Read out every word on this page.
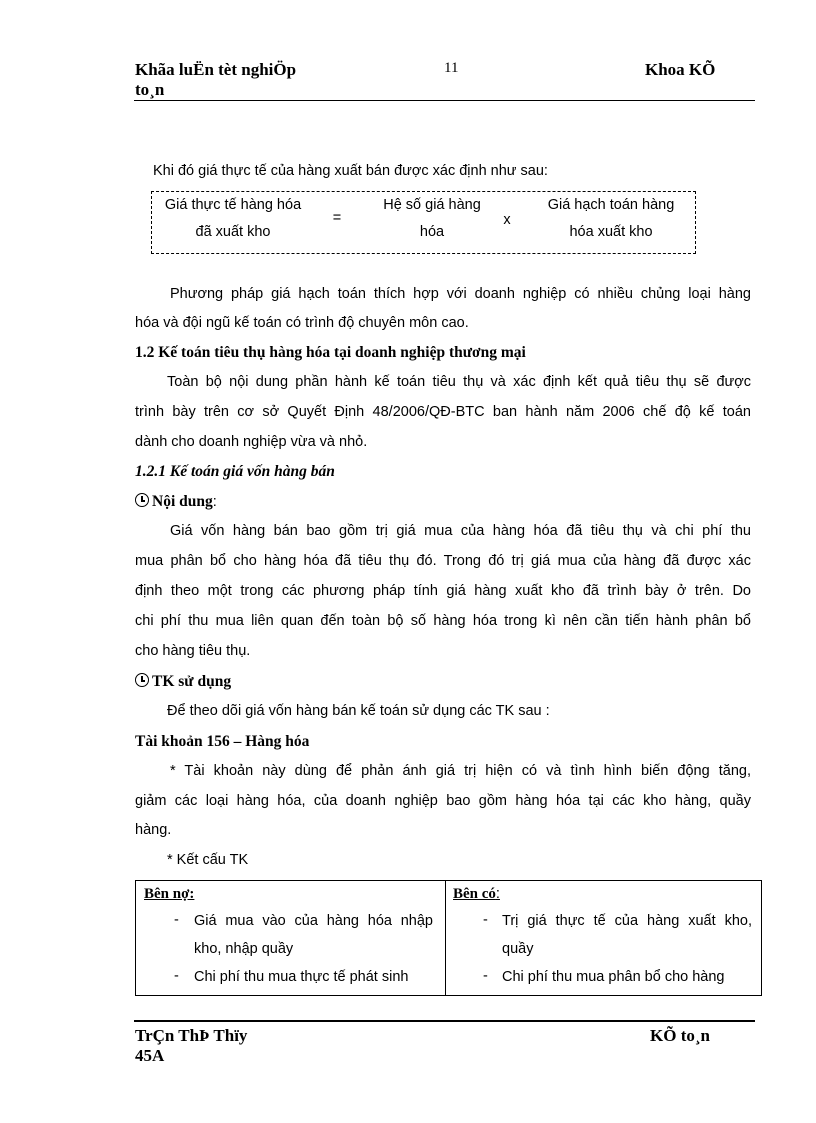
Khãa luËn tèt nghiÖp
to¸n
11	Khoa KÕ
Khi đó giá thực tế của hàng xuất bán được xác định như sau:
Giá thực tế hàng hóa
đã xuất kho
=
Hệ số giá hàng
hóa
x
Giá hạch toán hàng
hóa xuất kho
Phương pháp giá hạch toán thích hợp với doanh nghiệp có nhiều chủng loại hàng
hóa và đội ngũ kế toán có trình độ chuyên môn cao.
1.2 Kế toán tiêu thụ hàng hóa tại doanh nghiệp thương mại
Toàn bộ nội dung phần hành kế toán tiêu thụ và xác định kết quả tiêu thụ sẽ được
trình bày trên cơ sở Quyết Định 48/2006/QĐ-BTC ban hành năm 2006 chế độ kế toán
dành cho doanh nghiệp vừa và nhỏ.
1.2.1 Kế toán giá vốn hàng bán
Nội dung:
Giá vốn hàng bán bao gồm trị giá mua của hàng hóa đã tiêu thụ và chi phí thu
mua phân bổ cho hàng hóa đã tiêu thụ đó. Trong đó trị giá mua của hàng đã được xác
định theo một trong các phương pháp tính giá hàng xuất kho đã trình bày ở trên. Do
chi phí thu mua liên quan đến toàn bộ số hàng hóa trong kì nên cần tiến hành phân bổ
cho hàng tiêu thụ.
TK sử dụng
Để theo dõi giá vốn hàng bán kế toán sử dụng các TK sau :
Tài khoản 156 – Hàng hóa
* Tài khoản này dùng để phản ánh giá trị hiện có và tình hình biến động tăng,
giảm các loại hàng hóa, của doanh nghiệp bao gồm hàng hóa tại các kho hàng, quầy
hàng.
* Kết cấu TK
Bên nợ:
- Giá mua vào của hàng hóa nhập
kho, nhập quầy
- Chi phí thu mua thực tế phát sinh
Bên có:
- Trị giá thực tế của hàng xuất kho,
quầy
- Chi phí thu mua phân bổ cho hàng
TrÇn ThÞ Thïy
45A
KÕ to¸n
